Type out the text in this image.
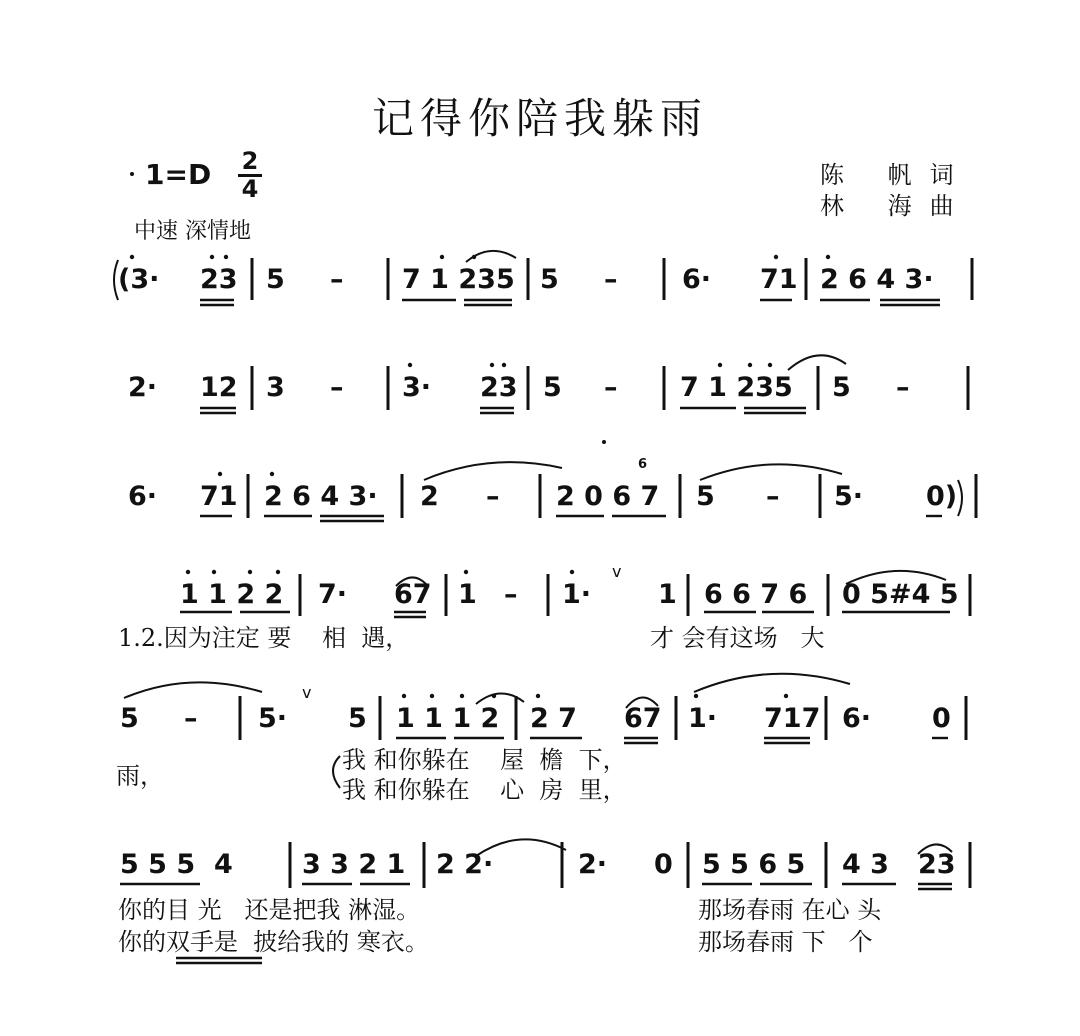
记得你陪我躲雨
1=D 2
4	陈 帆词
林 海曲
中速 深情地
(3· 23 5 – 7 1 235 5 – 6· 71 2 6 4 3·
2· 12 3 – 3· 23 5 – 7 1 235 5 –
6· 71 2 6 4 3· 2 – 2 0 6 7 5 – 5· 0)
6
1 1 2 2 7· 67 1 – 1· 1 6 6 7 6 0 5#4 5
v
1.2.因为注定 要    相  遇，	才 会有这场   大
5 – 5· 5 1 1 1 2 2 7 67 1· 717 6· 0
v
雨，
我 和你躲在    屋  檐  下，
我 和你躲在    心  房  里，
5 5 5  4	3 3 2 1 2 2·	2· 0 5 5 6 5 4 3 23
你的目 光   还是把我 淋湿。	那场春雨 在心 头
你的双手是  披给我的 寒衣。	那场春雨 下   个
